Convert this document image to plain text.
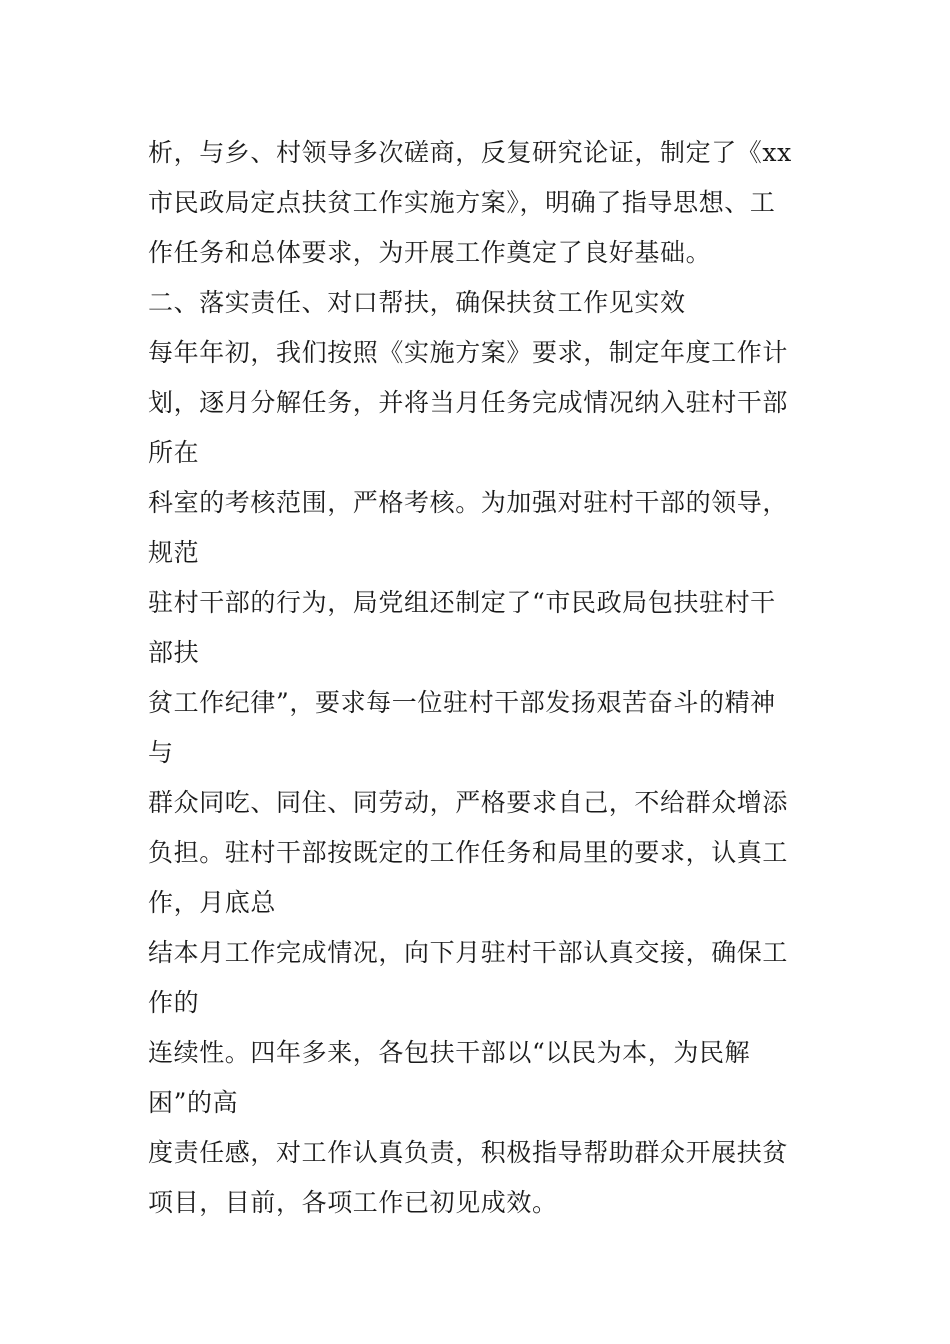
析，与乡、村领导多次磋商，反复研究论证，制定了《xx
市民政局定点扶贫工作实施方案》，明确了指导思想、工
作任务和总体要求，为开展工作奠定了良好基础。
二、落实责任、对口帮扶，确保扶贫工作见实效
每年年初，我们按照《实施方案》要求，制定年度工作计
划，逐月分解任务，并将当月任务完成情况纳入驻村干部
所在
科室的考核范围，严格考核。为加强对驻村干部的领导，
规范
驻村干部的行为，局党组还制定了“市民政局包扶驻村干
部扶
贫工作纪律”，要求每一位驻村干部发扬艰苦奋斗的精神
与
群众同吃、同住、同劳动，严格要求自己，不给群众增添
负担。驻村干部按既定的工作任务和局里的要求，认真工
作，月底总
结本月工作完成情况，向下月驻村干部认真交接，确保工
作的
连续性。四年多来，各包扶干部以“以民为本，为民解
困”的高
度责任感，对工作认真负责，积极指导帮助群众开展扶贫
项目，目前，各项工作已初见成效。
